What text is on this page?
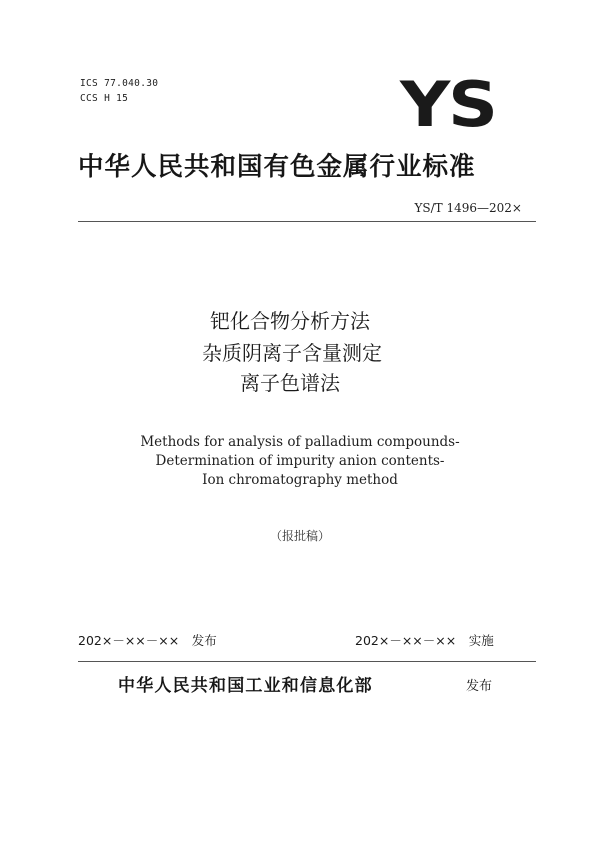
ICS 77.040.30
CCS H 15	YS
中华人民共和国有色金属行业标准
YS/T 1496—202×
钯化合物分析方法
杂质阴离子含量测定
离子色谱法
Methods for analysis of palladium compounds-
Determination of impurity anion contents-
Ion chromatography method
（报批稿）
202×－××－××　发布	202×－××－××　实施
中华人民共和国工业和信息化部	发布
